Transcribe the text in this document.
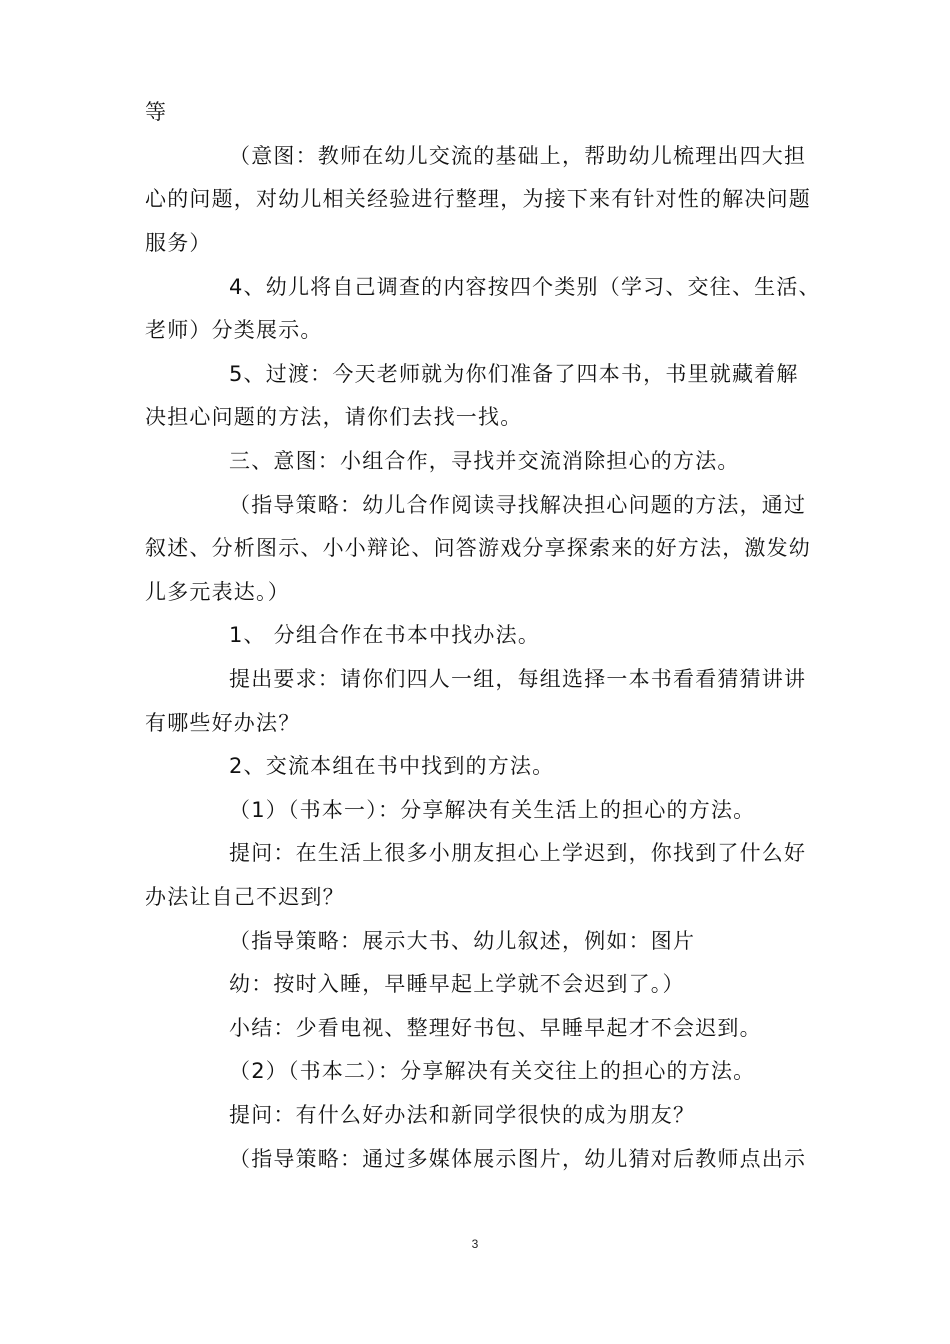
等
（意图：教师在幼儿交流的基础上，帮助幼儿梳理出四大担
心的问题，对幼儿相关经验进行整理，为接下来有针对性的解决问题
服务）
4、幼儿将自己调查的内容按四个类别（学习、交往、生活、
老师）分类展示。
5、过渡：今天老师就为你们准备了四本书，书里就藏着解
决担心问题的方法，请你们去找一找。
三、意图：小组合作，寻找并交流消除担心的方法。
（指导策略：幼儿合作阅读寻找解决担心问题的方法，通过
叙述、分析图示、小小辩论、问答游戏分享探索来的好方法，激发幼
儿多元表达。）
1、 分组合作在书本中找办法。
提出要求：请你们四人一组，每组选择一本书看看猜猜讲讲
有哪些好办法？
2、交流本组在书中找到的方法。
（1）（书本一）：分享解决有关生活上的担心的方法。
提问：在生活上很多小朋友担心上学迟到，你找到了什么好
办法让自己不迟到？
（指导策略：展示大书、幼儿叙述，例如：图片
幼：按时入睡，早睡早起上学就不会迟到了。）
小结：少看电视、整理好书包、早睡早起才不会迟到。
（2）（书本二）：分享解决有关交往上的担心的方法。
提问：有什么好办法和新同学很快的成为朋友？
（指导策略：通过多媒体展示图片，幼儿猜对后教师点出示
3
